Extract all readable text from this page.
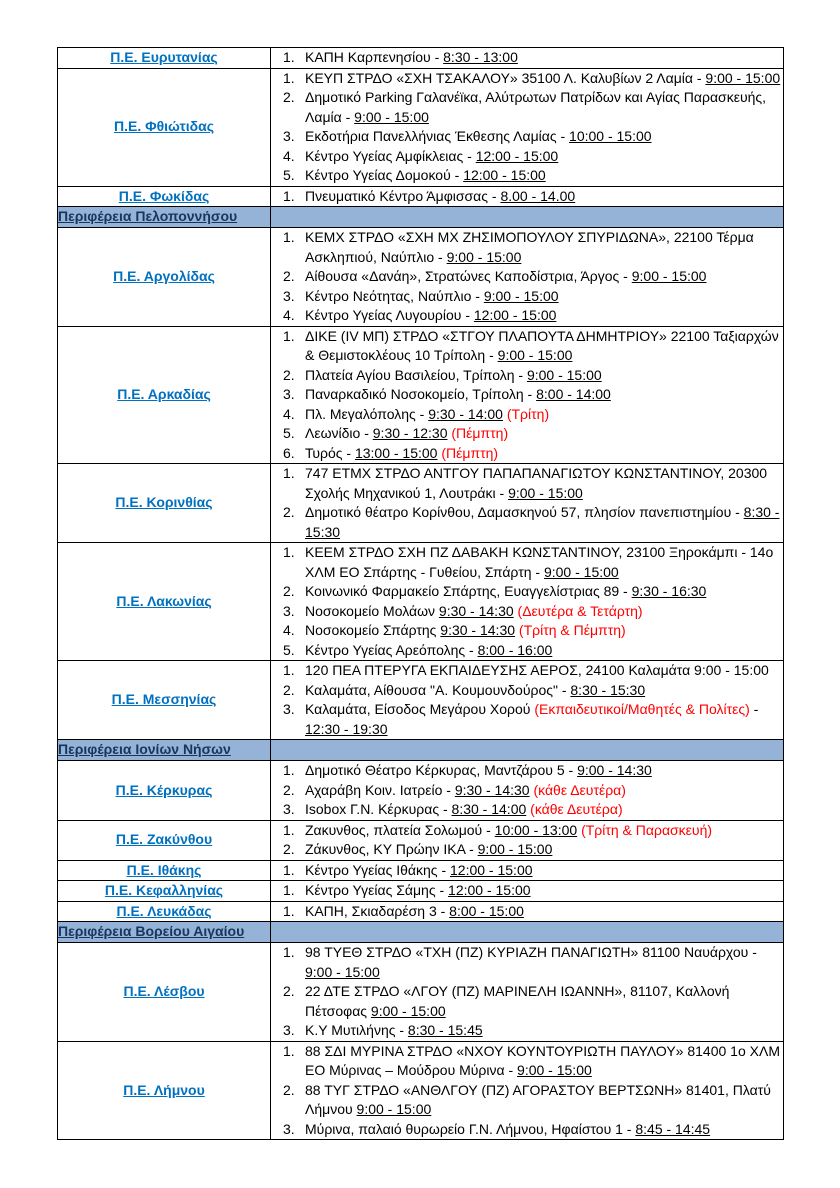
Π.Ε. Ευρυτανίας	1. ΚΑΠΗ Καρπενησίου - 8:30 - 13:00

Π.Ε. Φθιώτιδας	
1. ΚΕΥΠ ΣΤΡΔΟ «ΣΧΗ ΤΣΑΚΑΛΟΥ» 35100 Λ. Καλυβίων 2 Λαμία - 9:00 - 15:00
2. Δημοτικό Parking Γαλανέϊκα, Αλύτρωτων Πατρίδων και Αγίας Παρασκευής, Λαμία - 9:00 - 15:00
3. Εκδοτήρια Πανελλήνιας Έκθεσης Λαμίας - 10:00 - 15:00
4. Κέντρο Υγείας Αμφίκλειας - 12:00 - 15:00
5. Κέντρο Υγείας Δομοκού - 12:00 - 15:00

Π.Ε. Φωκίδας	1. Πνευματικό Κέντρο Άμφισσας - 8.00 - 14.00

Περιφέρεια Πελοποννήσου	
Π.Ε. Αργολίδας	
1. ΚΕΜΧ ΣΤΡΔΟ «ΣΧΗ ΜΧ ΖΗΣΙΜΟΠΟΥΛΟΥ ΣΠΥΡΙΔΩΝΑ», 22100 Τέρμα Ασκληπιού, Ναύπλιο - 9:00 - 15:00
2. Αίθουσα «Δανάη», Στρατώνες Καποδίστρια, Άργος - 9:00 - 15:00
3. Κέντρο Νεότητας, Ναύπλιο - 9:00 - 15:00
4. Κέντρο Υγείας Λυγουρίου - 12:00 - 15:00

Π.Ε. Αρκαδίας	
1. ΔΙΚΕ (IV ΜΠ) ΣΤΡΔΟ «ΣΤΓΟΥ ΠΛΑΠΟΥΤΑ ΔΗΜΗΤΡΙΟΥ» 22100 Ταξιαρχών & Θεμιστοκλέους 10 Τρίπολη - 9:00 - 15:00
2. Πλατεία Αγίου Βασιλείου, Τρίπολη - 9:00 - 15:00
3. Παναρκαδικό Νοσοκομείο, Τρίπολη - 8:00 - 14:00
4. Πλ. Μεγαλόπολης - 9:30 - 14:00 (Τρίτη)
5. Λεωνίδιο - 9:30 - 12:30 (Πέμπτη)
6. Τυρός - 13:00 - 15:00 (Πέμπτη)

Π.Ε. Κορινθίας	1. 747 ΕΤΜΧ ΣΤΡΔΟ ΑΝΤΓΟΥ ΠΑΠΑΠΑΝΑΓΙΩΤΟΥ ΚΩΝΣΤΑΝΤΙΝΟΥ, 20300 Σχολής Μηχανικού 1, Λουτράκι - 9:00 - 15:00
2. Δημοτικό θέατρο Κορίνθου, Δαμασκηνού 57, πλησίον πανεπιστημίου - 8:30 - 15:30

Π.Ε. Λακωνίας	
1. ΚΕΕΜ ΣΤΡΔΟ ΣΧΗ ΠΖ ΔΑΒΑΚΗ ΚΩΝΣΤΑΝΤΙΝΟΥ, 23100 Ξηροκάμπι - 14ο ΧΛΜ ΕΟ Σπάρτης - Γυθείου, Σπάρτη - 9:00 - 15:00
2. Κοινωνικό Φαρμακείο Σπάρτης, Ευαγγελίστριας 89 - 9:30 - 16:30
3. Νοσοκομείο Μολάων 9:30 - 14:30 (Δευτέρα & Τετάρτη)
4. Νοσοκομείο Σπάρτης 9:30 - 14:30 (Τρίτη & Πέμπτη)
5. Κέντρο Υγείας Αρεόπολης - 8:00 - 16:00

Π.Ε. Μεσσηνίας	
1. 120 ΠΕΑ ΠΤΕΡΥΓΑ ΕΚΠΑΙΔΕΥΣΗΣ ΑΕΡΟΣ, 24100 Καλαμάτα 9:00 - 15:00
2. Καλαμάτα, Αίθουσα "Α. Κουμουνδούρος" - 8:30 - 15:30
3. Καλαμάτα, Είσοδος Μεγάρου Χορού (Εκπαιδευτικοί/Μαθητές & Πολίτες) - 12:30 - 19:30

Περιφέρεια Ιονίων Νήσων	
Π.Ε. Κέρκυρας	
1. Δημοτικό Θέατρο Κέρκυρας, Μαντζάρου 5 - 9:00 - 14:30
2. Αχαράβη Κοιν. Ιατρείο - 9:30 - 14:30 (κάθε Δευτέρα)
3. Isobox Γ.Ν. Κέρκυρας - 8:30 - 14:00 (κάθε Δευτέρα)

Π.Ε. Ζακύνθου	1. Ζακυνθος, πλατεία Σολωμού - 10:00 - 13:00 (Τρίτη & Παρασκευή)
2. Ζάκυνθος, ΚΥ Πρώην ΙΚΑ - 9:00 - 15:00

Π.Ε. Ιθάκης	1. Κέντρο Υγείας Ιθάκης - 12:00 - 15:00

Π.Ε. Κεφαλληνίας	1. Κέντρο Υγείας Σάμης - 12:00 - 15:00

Π.Ε. Λευκάδας	1. ΚΑΠΗ, Σκιαδαρέση 3 - 8:00 - 15:00

Περιφέρεια Βορείου Αιγαίου	
Π.Ε. Λέσβου	
1. 98 ΤΥΕΘ ΣΤΡΔΟ «ΤΧΗ (ΠΖ) ΚΥΡΙΑΖΗ ΠΑΝΑΓΙΩΤΗ» 81100 Ναυάρχου - 9:00 - 15:00
2. 22 ΔΤΕ ΣΤΡΔΟ «ΛΓΟΥ (ΠΖ) ΜΑΡΙΝΕΛΗ ΙΩΑΝΝΗ», 81107, Καλλονή Πέτσοφας 9:00 - 15:00
3. Κ.Υ Μυτιλήνης - 8:30 - 15:45

Π.Ε. Λήμνου	
1. 88 ΣΔΙ ΜΥΡΙΝΑ ΣΤΡΔΟ «ΝΧΟΥ ΚΟΥΝΤΟΥΡΙΩΤΗ ΠΑΥΛΟΥ» 81400 1ο ΧΛΜ ΕΟ Μύρινας – Μούδρου Μύρινα - 9:00 - 15:00
2. 88 ΤΥΓ ΣΤΡΔΟ «ΑΝΘΛΓΟΥ (ΠΖ) ΑΓΟΡΑΣΤΟΥ ΒΕΡΤΣΩΝΗ» 81401, Πλατύ Λήμνου 9:00 - 15:00
3. Μύρινα, παλαιό θυρωρείο Γ.Ν. Λήμνου, Ηφαίστου 1 - 8:45 - 14:45
